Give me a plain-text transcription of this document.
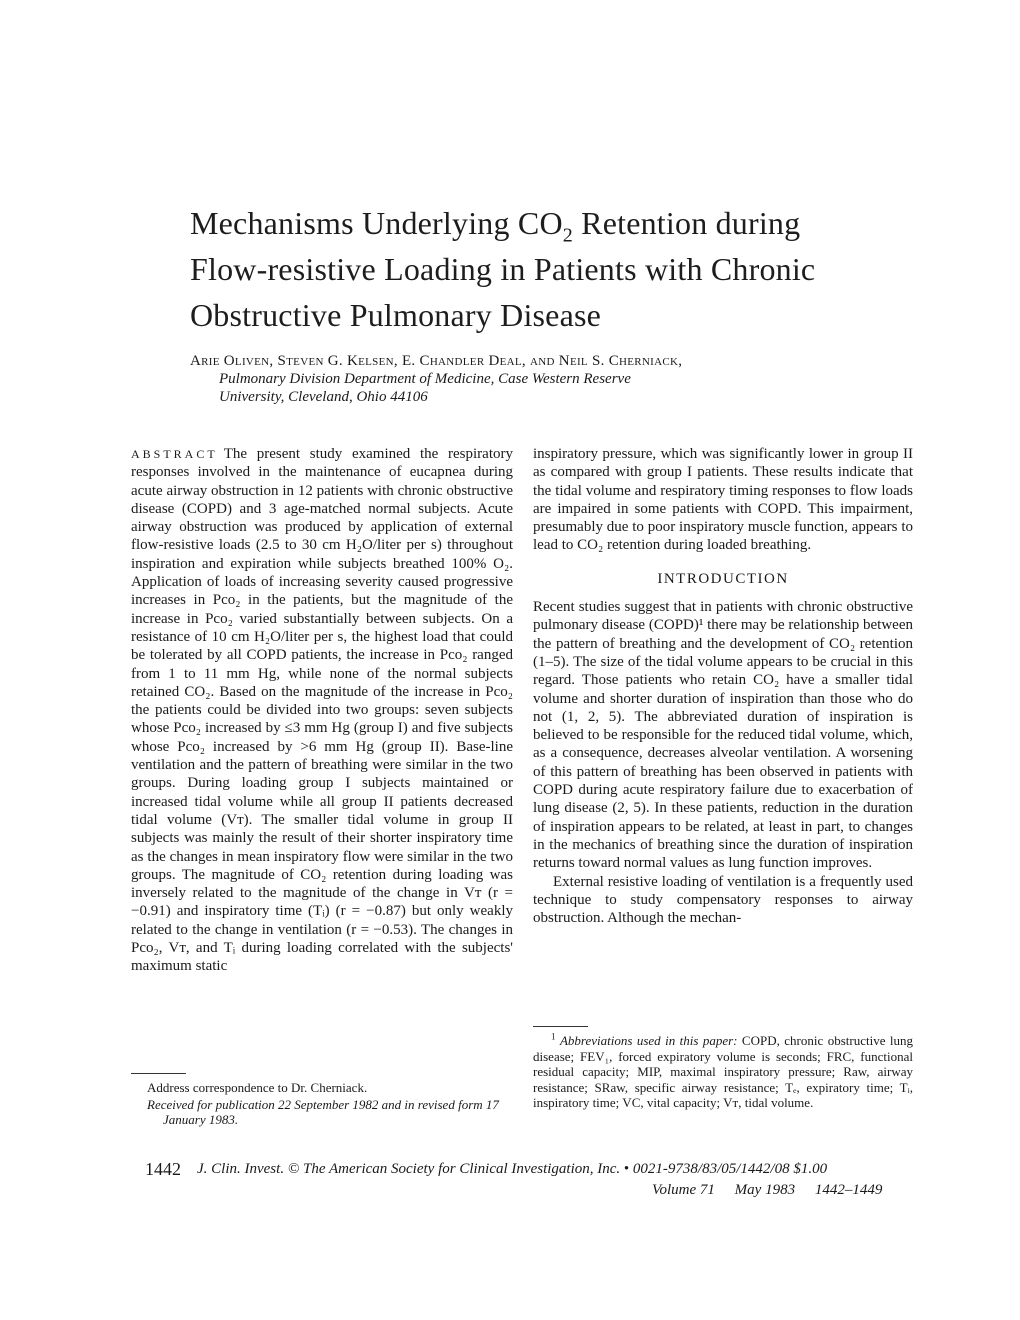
Mechanisms Underlying $CO_2$ Retention during
Flow-resistive Loading in Patients with Chronic
Obstructive Pulmonary Disease
Arie Oliven, Steven G. Kelsen, E. Chandler Deal, and Neil S. Cherniack,
Pulmonary Division Department of Medicine, Case Western Reserve
University, Cleveland, Ohio 44106

ABSTRACT The present study examined the respiratory responses involved in the maintenance of eucapnea during acute airway obstruction in 12 patients with chronic obstructive disease (COPD) and 3 age-matched normal subjects. Acute airway obstruction was produced by application of external flow-resistive loads (2.5 to 30 cm H₂O/liter per s) throughout inspiration and expiration while subjects breathed 100% O₂. Application of loads of increasing severity caused progressive increases in Pco₂ in the patients, but the magnitude of the increase in Pco₂ varied substantially between subjects. On a resistance of 10 cm H₂O/liter per s, the highest load that could be tolerated by all COPD patients, the increase in Pco₂ ranged from 1 to 11 mm Hg, while none of the normal subjects retained CO₂. Based on the magnitude of the increase in Pco₂ the patients could be divided into two groups: seven subjects whose Pco₂ increased by ≤3 mm Hg (group I) and five subjects whose Pco₂ increased by >6 mm Hg (group II). Base-line ventilation and the pattern of breathing were similar in the two groups. During loading group I subjects maintained or increased tidal volume while all group II patients decreased tidal volume (Vᴛ). The smaller tidal volume in group II subjects was mainly the result of their shorter inspiratory time as the changes in mean inspiratory flow were similar in the two groups. The magnitude of CO₂ retention during loading was inversely related to the magnitude of the change in Vᴛ (r = −0.91) and inspiratory time (Tᵢ) (r = −0.87) but only weakly related to the change in ventilation (r = −0.53). The changes in Pco₂, Vᴛ, and Tᵢ during loading correlated with the subjects' maximum static

inspiratory pressure, which was significantly lower in group II as compared with group I patients. These results indicate that the tidal volume and respiratory timing responses to flow loads are impaired in some patients with COPD. This impairment, presumably due to poor inspiratory muscle function, appears to lead to CO₂ retention during loaded breathing.

INTRODUCTION

Recent studies suggest that in patients with chronic obstructive pulmonary disease (COPD)¹ there may be relationship between the pattern of breathing and the development of CO₂ retention (1–5). The size of the tidal volume appears to be crucial in this regard. Those patients who retain CO₂ have a smaller tidal volume and shorter duration of inspiration than those who do not (1, 2, 5). The abbreviated duration of inspiration is believed to be responsible for the reduced tidal volume, which, as a consequence, decreases alveolar ventilation. A worsening of this pattern of breathing has been observed in patients with COPD during acute respiratory failure due to exacerbation of lung disease (2, 5). In these patients, reduction in the duration of inspiration appears to be related, at least in part, to changes in the mechanics of breathing since the duration of inspiration returns toward normal values as lung function improves.

External resistive loading of ventilation is a frequently used technique to study compensatory responses to airway obstruction. Although the mechan-

Address correspondence to Dr. Cherniack.

Received for publication 22 September 1982 and in revised form 17 January 1983.

$^1$ Abbreviations used in this paper: COPD, chronic obstructive lung disease; FEV₁, forced expiratory volume is seconds; FRC, functional residual capacity; MIP, maximal inspiratory pressure; Raw, airway resistance; SRaw, specific airway resistance; Tₑ, expiratory time; Tᵢ, inspiratory time; VC, vital capacity; Vᴛ, tidal volume.

1442 J. Clin. Invest. © The American Society for Clinical Investigation, Inc. • 0021-9738/83/05/1442/08 $1.00
Volume 71 May 1983 1442–1449
